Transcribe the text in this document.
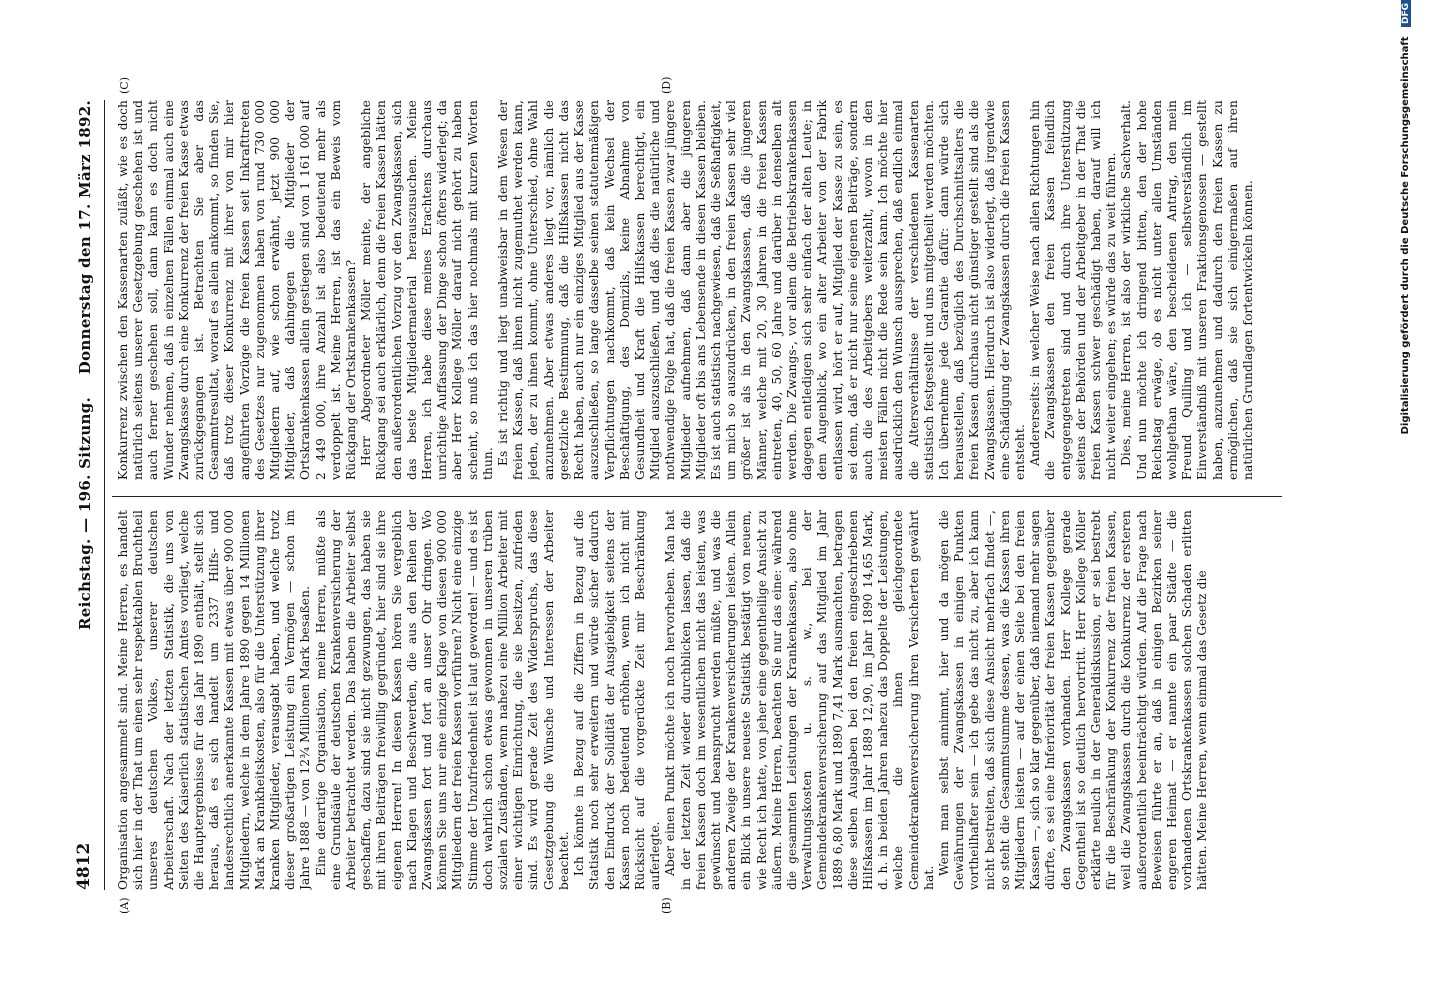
4812
Reichstag. — 196. Sitzung.
Donnerstag den 17. März 1892.
(A)	(B)
(C)	(D)

Organisation angesammelt sind. Meine Herren, es handelt sich hier in der That um einen sehr respektablen Bruchtheil unseres deutschen Volkes, unserer deutschen Arbeiterschaft. Nach der letzten Statistik, die uns von Seiten des Kaiserlich statistischen Amtes vorliegt, welche die Hauptergebnisse für das Jahr 1890 enthält, stellt sich heraus, daß es sich handelt um 2337 Hilfs- und landesrechtlich anerkannte Kassen mit etwas über 900 000 Mitgliedern, welche in dem Jahre 1890 gegen 14 Millionen Mark an Krankheitskosten, also für die Unterstützung ihrer kranken Mitglieder, verausgabt haben, und welche trotz dieser großartigen Leistung ein Vermögen — schon im Jahre 1888 — von 12¾ Millionen Mark besaßen. Eine derartige Organisation, meine Herren, müßte als eine Grundsäule der deutschen Krankenversicherung der Arbeiter betrachtet werden. Das haben die Arbeiter selbst geschaffen, dazu sind sie nicht gezwungen, das haben sie mit ihren Beiträgen freiwillig gegründet, hier sind sie ihre eigenen Herren! In diesen Kassen hören Sie vergeblich nach Klagen und Beschwerden, die aus den Reihen der Zwangskassen fort und fort an unser Ohr dringen. Wo können Sie uns nur eine einzige Klage von diesen 900 000 Mitgliedern der freien Kassen vorführen? Nicht eine einzige Stimme der Unzufriedenheit ist laut geworden! — und es ist doch wahrlich schon etwas gewonnen in unseren trüben sozialen Zuständen, wenn nahezu eine Million Arbeiter mit einer wichtigen Einrichtung, die sie besitzen, zufrieden sind. Es wird gerade Zeit des Widerspruchs, das diese Gesetzgebung die Wünsche und Interessen der Arbeiter beachtet. Ich könnte in Bezug auf die Ziffern in Bezug auf die Statistik noch sehr erweitern und würde sicher dadurch den Eindruck der Solidität der Ausgiebigkeit seitens der Kassen noch bedeutend erhöhen, wenn ich nicht mit Rücksicht auf die vorgerückte Zeit mir Beschränkung auferlegte. Aber einen Punkt möchte ich noch hervorheben. Man hat in der letzten Zeit wieder durchblicken lassen, daß die freien Kassen doch im wesentlichen nicht das leisten, was gewünscht und beansprucht werden müßte, und was die anderen Zweige der Krankenversicherungen leisten. Allein ein Blick in unsere neueste Statistik bestätigt von neuem, wie Recht ich hatte, von jeher eine gegentheilige Ansicht zu äußern. Meine Herren, beachten Sie nur das eine: während die gesammten Leistungen der Krankenkassen, also ohne Verwaltungskosten u. s. w., bei der Gemeindekrankenversicherung auf das Mitglied im Jahr 1889 6,80 Mark und 1890 7,41 Mark ausmachten, betragen diese selben Ausgaben bei den freien eingeschriebenen Hilfskassen im Jahr 1889 12,90, im Jahr 1890 14,65 Mark, d. h. in beiden Jahren nahezu das Doppelte der Leistungen, welche die ihnen gleichgeordnete Gemeindekrankenversicherung ihren Versicherten gewährt hat.

Wenn man selbst annimmt, hier und da mögen die Gewährungen der Zwangskassen in einigen Punkten vortheilhafter sein — ich gebe das nicht zu, aber ich kann nicht bestreiten, daß sich diese Ansicht mehrfach findet —, so steht die Gesammtsumme dessen, was die Kassen ihren Mitgliedern leisten — auf der einen Seite bei den freien Kassen —, sich so klar gegenüber, daß niemand mehr sagen dürfte, es sei eine Inferiorität der freien Kassen gegenüber den Zwangskassen vorhanden. Herr Kollege gerade Gegentheil ist so deutlich hervortritt. Herr Kollege Möller erklärte neulich in der Generaldiskussion, er sei bestrebt für die Beschränkung der Konkurrenz der freien Kassen, weil die Zwangskassen durch die Konkurrenz der ersteren außerordentlich beeinträchtigt würden. Auf die Frage nach Beweisen führte er an, daß in einigen Bezirken seiner engeren Heimat — er nannte ein paar Städte — die vorhandenen Ortskrankenkassen solchen Schaden erlitten hätten. Meine Herren, wenn einmal das Gesetz die

Konkurrenz zwischen den Kassenarten zuläßt, wie es doch natürlich seitens unserer Gesetzgebung geschehen ist und auch ferner geschehen soll, dann kann es doch nicht Wunder nehmen, daß in einzelnen Fällen einmal auch eine Zwangskasse durch eine Konkurrenz der freien Kasse etwas zurückgegangen ist. Betrachten Sie aber das Gesammtresultat, worauf es allein ankommt, so finden Sie, daß trotz dieser Konkurrenz mit ihrer von mir hier angeführten Vorzüge die freien Kassen seit Inkrafttreten des Gesetzes nur zugenommen haben von rund 730 000 Mitgliedern auf, wie schon erwähnt, jetzt 900 000 Mitglieder, daß dahingegen die Mitglieder der Ortskrankenkassen allein gestiegen sind von 1 161 000 auf 2 449 000, ihre Anzahl ist also bedeutend mehr als verdoppelt ist. Meine Herren, ist das ein Beweis vom Rückgang der Ortskrankenkassen? Herr Abgeordneter Möller meinte, der angebliche Rückgang sei auch erklärlich, denn die freien Kassen hätten den außerordentlichen Vorzug vor den Zwangskassen, sich das beste Mitgliedermaterial herauszusuchen. Meine Herren, ich habe diese meines Erachtens durchaus unrichtige Auffassung der Dinge schon öfters widerlegt; da aber Herr Kollege Möller darauf nicht gehört zu haben scheint, so muß ich das hier nochmals mit kurzen Worten thun. Es ist richtig und liegt unabweisbar in dem Wesen der freien Kassen, daß ihnen nicht zugemuthet werden kann, jeden, der zu ihnen kommt, ohne Unterschied, ohne Wahl anzunehmen. Aber etwas anderes liegt vor, nämlich die gesetzliche Bestimmung, daß die Hilfskassen nicht das Recht haben, auch nur ein einziges Mitglied aus der Kasse auszuschließen, so lange dasselbe seinen statutenmäßigen Verpflichtungen nachkommt, daß kein Wechsel der Beschäftigung, des Domizils, keine Abnahme von Gesundheit und Kraft die Hilfskassen berechtigt, ein Mitglied auszuschließen, und daß dies die natürliche und nothwendige Folge hat, daß die freien Kassen zwar jüngere Mitglieder aufnehmen, daß dann aber die jüngeren Mitglieder oft bis ans Lebensende in diesen Kassen bleiben. Es ist auch statistisch nachgewiesen, daß die Seßhaftigkeit, um mich so auszudrücken, in den freien Kassen sehr viel größer ist als in den Zwangskassen, daß die jüngeren Männer, welche mit 20, 30 Jahren in die freien Kassen eintreten, 40, 50, 60 Jahre und darüber in denselben alt werden. Die Zwangs-, vor allem die Betriebskrankenkassen dagegen entledigen sich sehr einfach der alten Leute; in dem Augenblick, wo ein alter Arbeiter von der Fabrik entlassen wird, hört er auf, Mitglied der Kasse zu sein, es sei denn, daß er nicht nur seine eigenen Beiträge, sondern auch die des Arbeitgebers weiterzahlt, wovon in den meisten Fällen nicht die Rede sein kann. Ich möchte hier ausdrücklich den Wunsch aussprechen, daß endlich einmal die Altersverhältnisse der verschiedenen Kassenarten statistisch festgestellt und uns mitgetheilt werden möchten. Ich übernehme jede Garantie dafür: dann würde sich herausstellen, daß bezüglich des Durchschnittsalters die freien Kassen durchaus nicht günstiger gestellt sind als die Zwangskassen. Hierdurch ist also widerlegt, daß irgendwie eine Schädigung der Zwangskassen durch die freien Kassen entsteht. Andererseits: in welcher Weise nach allen Richtungen hin die Zwangskassen den freien Kassen feindlich entgegengetreten sind und durch ihre Unterstützung seitens der Behörden und der Arbeitgeber in der That die freien Kassen schwer geschädigt haben, darauf will ich nicht weiter eingehen; es würde das zu weit führen. Dies, meine Herren, ist also der wirkliche Sachverhalt. Und nun möchte ich dringend bitten, den der hohe Reichstag erwäge, ob es nicht unter allen Umständen wohlgethan wäre, den bescheidenen Antrag, den mein Freund Quilling und ich — selbstverständlich im Einverständniß mit unseren Fraktionsgenossen — gestellt haben, anzunehmen und dadurch den freien Kassen zu ermöglichen, daß sie sich einigermaßen auf ihren natürlichen Grundlagen fortentwickeln können.	Digitalisierung gefördert durch die Deutsche Forschungsgemeinschaft DFG
